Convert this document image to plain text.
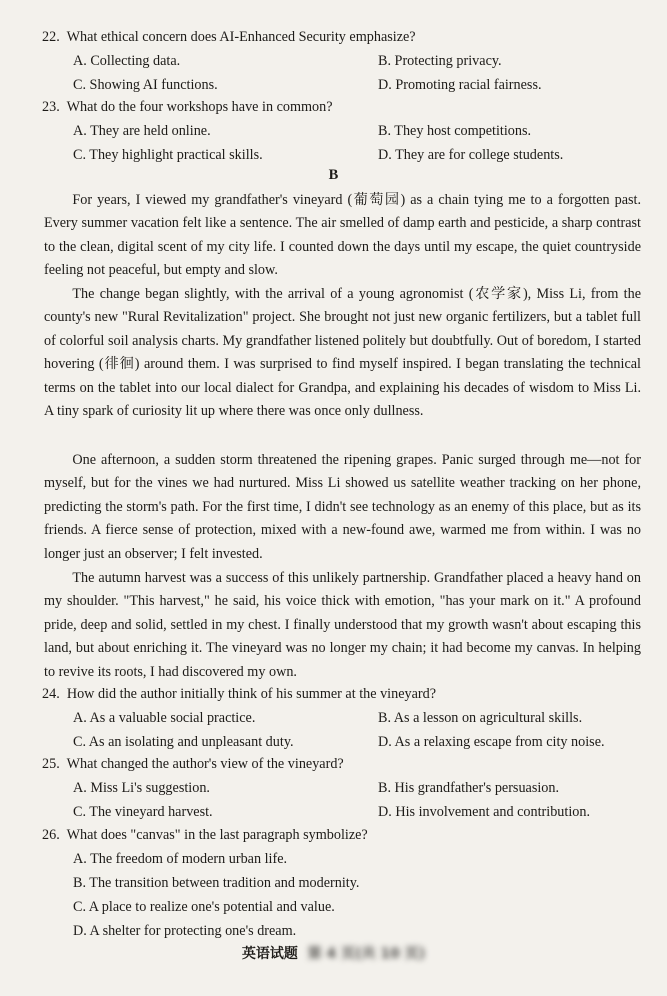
22. What ethical concern does AI-Enhanced Security emphasize?
A. Collecting data.	B. Protecting privacy.
C. Showing AI functions.	D. Promoting racial fairness.
23. What do the four workshops have in common?
A. They are held online.	B. They host competitions.
C. They highlight practical skills.	D. They are for college students.
B
For years, I viewed my grandfather's vineyard (葡萄园) as a chain tying me to a forgotten past. Every summer vacation felt like a sentence. The air smelled of damp earth and pesticide, a sharp contrast to the clean, digital scent of my city life. I counted down the days until my escape, the quiet countryside feeling not peaceful, but empty and slow.
The change began slightly, with the arrival of a young agronomist (农学家), Miss Li, from the county's new "Rural Revitalization" project. She brought not just new organic fertilizers, but a tablet full of colorful soil analysis charts. My grandfather listened politely but doubtfully. Out of boredom, I started hovering (徘徊) around them. I was surprised to find myself inspired. I began translating the technical terms on the tablet into our local dialect for Grandpa, and explaining his decades of wisdom to Miss Li. A tiny spark of curiosity lit up where there was once only dullness.
One afternoon, a sudden storm threatened the ripening grapes. Panic surged through me—not for myself, but for the vines we had nurtured. Miss Li showed us satellite weather tracking on her phone, predicting the storm's path. For the first time, I didn't see technology as an enemy of this place, but as its friends. A fierce sense of protection, mixed with a new-found awe, warmed me from within. I was no longer just an observer; I felt invested.
The autumn harvest was a success of this unlikely partnership. Grandfather placed a heavy hand on my shoulder. "This harvest," he said, his voice thick with emotion, "has your mark on it." A profound pride, deep and solid, settled in my chest. I finally understood that my growth wasn't about escaping this land, but about enriching it. The vineyard was no longer my chain; it had become my canvas. In helping to revive its roots, I had discovered my own.
24. How did the author initially think of his summer at the vineyard?
A. As a valuable social practice.	B. As a lesson on agricultural skills.
C. As an isolating and unpleasant duty.	D. As a relaxing escape from city noise.
25. What changed the author's view of the vineyard?
A. Miss Li's suggestion.	B. His grandfather's persuasion.
C. The vineyard harvest.	D. His involvement and contribution.
26. What does "canvas" in the last paragraph symbolize?
A. The freedom of modern urban life.
B. The transition between tradition and modernity.
C. A place to realize one's potential and value.
D. A shelter for protecting one's dream.
英语试题 第 4 页(共 10 页)
